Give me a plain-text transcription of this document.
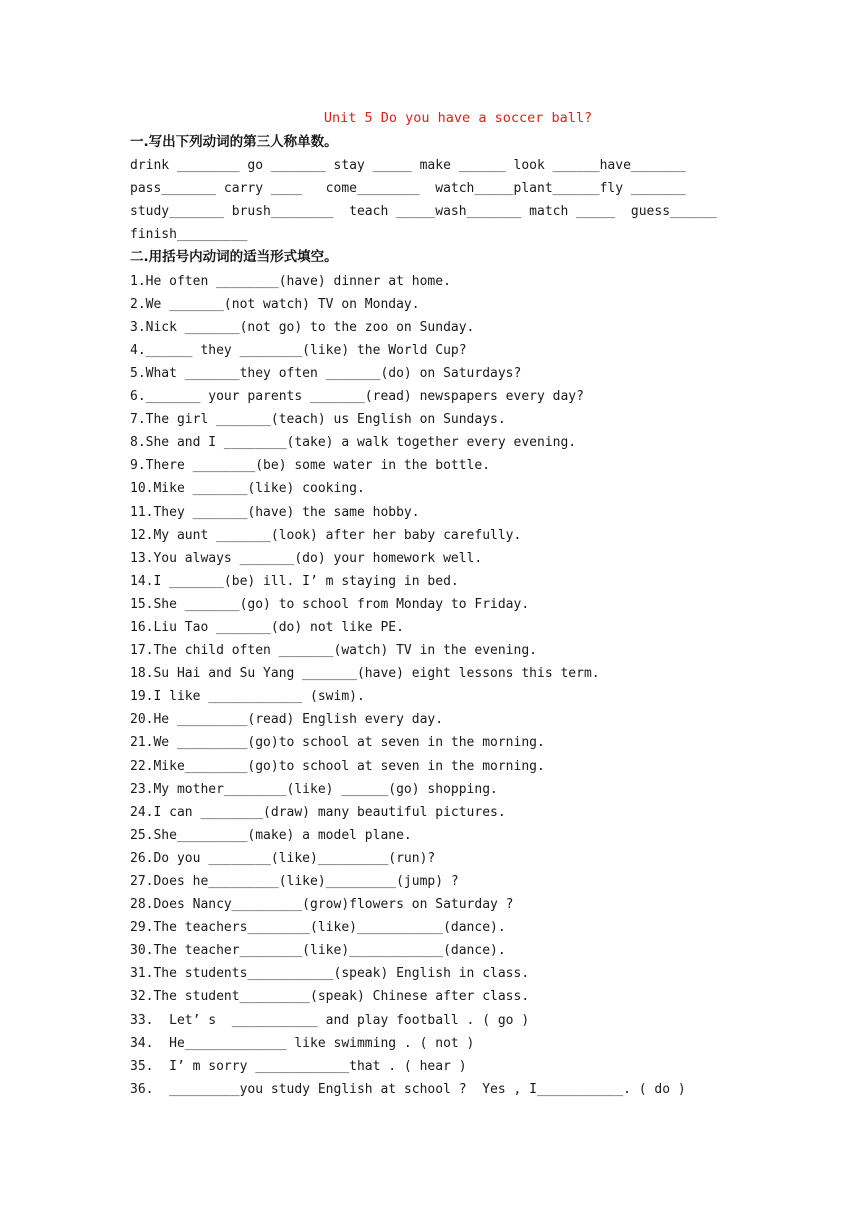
Unit 5 Do you have a soccer ball?
一.写出下列动词的第三人称单数。
drink ________ go _______ stay _____ make ______ look ______have_______
pass_______ carry ____   come________  watch_____plant______fly _______
study_______ brush________  teach _____wash_______ match _____  guess______
finish_________
二.用括号内动词的适当形式填空。
1.He often ________(have) dinner at home.
2.We _______(not watch) TV on Monday.
3.Nick _______(not go) to the zoo on Sunday.
4.______ they ________(like) the World Cup?
5.What _______they often _______(do) on Saturdays?
6._______ your parents _______(read) newspapers every day?
7.The girl _______(teach) us English on Sundays.
8.She and I ________(take) a walk together every evening.
9.There ________(be) some water in the bottle.
10.Mike _______(like) cooking.
11.They _______(have) the same hobby.
12.My aunt _______(look) after her baby carefully.
13.You always _______(do) your homework well.
14.I _______(be) ill. I’ m staying in bed.
15.She _______(go) to school from Monday to Friday.
16.Liu Tao _______(do) not like PE.
17.The child often _______(watch) TV in the evening.
18.Su Hai and Su Yang _______(have) eight lessons this term.
19.I like ____________ (swim).
20.He _________(read) English every day.
21.We _________(go)to school at seven in the morning.
22.Mike________(go)to school at seven in the morning.
23.My mother________(like) ______(go) shopping.
24.I can ________(draw) many beautiful pictures.
25.She_________(make) a model plane.
26.Do you ________(like)_________(run)?
27.Does he_________(like)_________(jump) ?
28.Does Nancy_________(grow)flowers on Saturday ?
29.The teachers________(like)___________(dance).
30.The teacher________(like)____________(dance).
31.The students___________(speak) English in class.
32.The student_________(speak) Chinese after class.
33.  Let’ s  ___________ and play football . ( go )
34.  He_____________ like swimming . ( not )
35.  I’ m sorry ____________that . ( hear )
36.  _________you study English at school ?  Yes , I___________. ( do )
